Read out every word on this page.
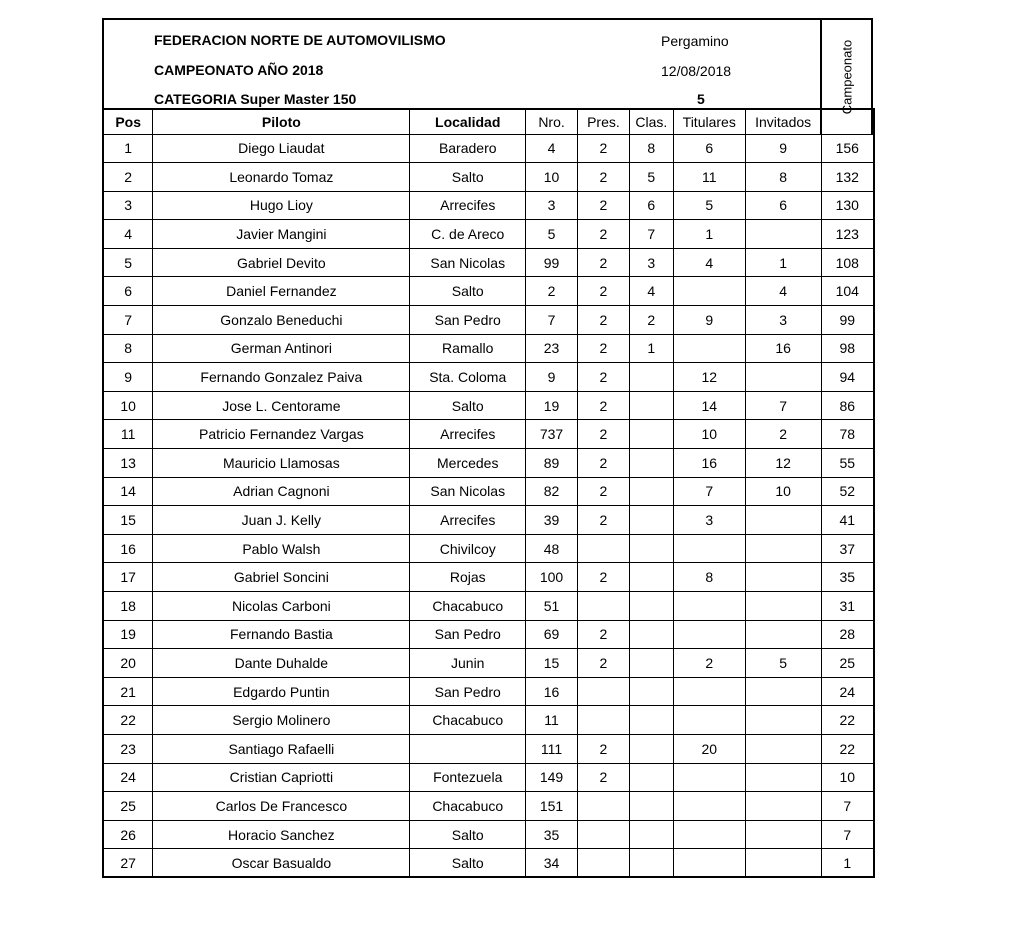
FEDERACION NORTE DE AUTOMOVILISMO
CAMPEONATO AÑO 2018
CATEGORIA Super Master 150
Pergamino
12/08/2018
5	Campeonato
Pos	Piloto	Localidad	Nro.	Pres.	Clas.	Titulares	Invitados	
1	Diego Liaudat	Baradero	4	2	8	6	9	156
2	Leonardo Tomaz	Salto	10	2	5	11	8	132
3	Hugo Lioy	Arrecifes	3	2	6	5	6	130
4	Javier Mangini	C. de Areco	5	2	7	1		123
5	Gabriel Devito	San Nicolas	99	2	3	4	1	108
6	Daniel Fernandez	Salto	2	2	4		4	104
7	Gonzalo Beneduchi	San Pedro	7	2	2	9	3	99
8	German Antinori	Ramallo	23	2	1		16	98
9	Fernando Gonzalez Paiva	Sta. Coloma	9	2		12		94
10	Jose L. Centorame	Salto	19	2		14	7	86
11	Patricio Fernandez Vargas	Arrecifes	737	2		10	2	78
13	Mauricio Llamosas	Mercedes	89	2		16	12	55
14	Adrian Cagnoni	San Nicolas	82	2		7	10	52
15	Juan J. Kelly	Arrecifes	39	2		3		41
16	Pablo Walsh	Chivilcoy	48					37
17	Gabriel Soncini	Rojas	100	2		8		35
18	Nicolas Carboni	Chacabuco	51					31
19	Fernando Bastia	San Pedro	69	2				28
20	Dante Duhalde	Junin	15	2		2	5	25
21	Edgardo Puntin	San Pedro	16					24
22	Sergio Molinero	Chacabuco	11					22
23	Santiago Rafaelli		111	2		20		22
24	Cristian Capriotti	Fontezuela	149	2				10
25	Carlos De Francesco	Chacabuco	151					7
26	Horacio Sanchez	Salto	35					7
27	Oscar Basualdo	Salto	34					1
